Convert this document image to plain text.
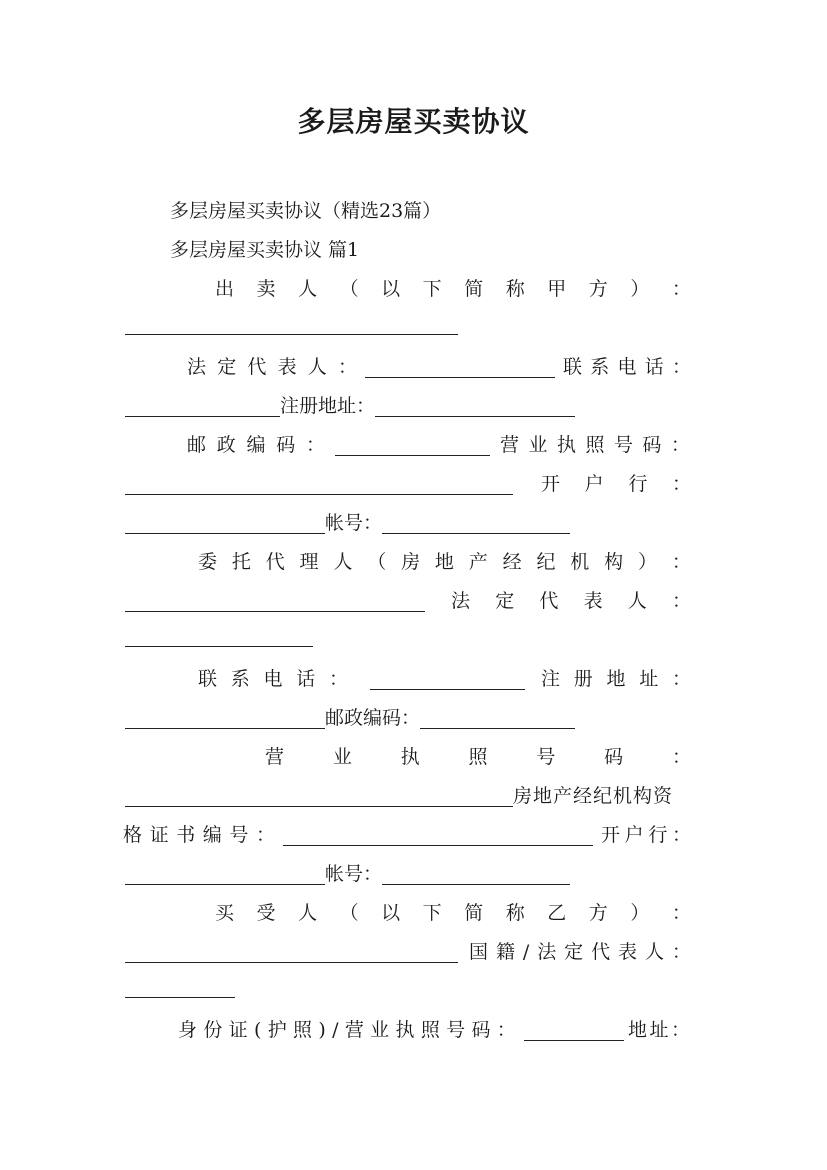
多层房屋买卖协议
多层房屋买卖协议（精选23篇）
多层房屋买卖协议 篇1
出 卖 人 （ 以 下 简 称 甲 方 ） ：
法 定 代 表 人 ：	联 系 电 话 ：
注册地址：
邮 政 编 码 ：	营 业 执 照 号 码 ：
开 户 行 ：
帐号：
委 托 代 理 人 （ 房 地 产 经 纪 机 构 ） ：
法 定 代 表 人 ：
联 系 电 话 ：	注 册 地 址 ：
邮政编码：
营	业	执	照	号	码	：
房地产经纪机构资
格 证 书 编 号 ：	开 户 行 ：
帐号：
买 受 人 （ 以 下 简 称 乙 方 ） ：
国 籍 / 法 定 代 表 人 ：
身 份 证 ( 护 照 ) / 营 业 执 照 号 码 ：	地 址 ：
